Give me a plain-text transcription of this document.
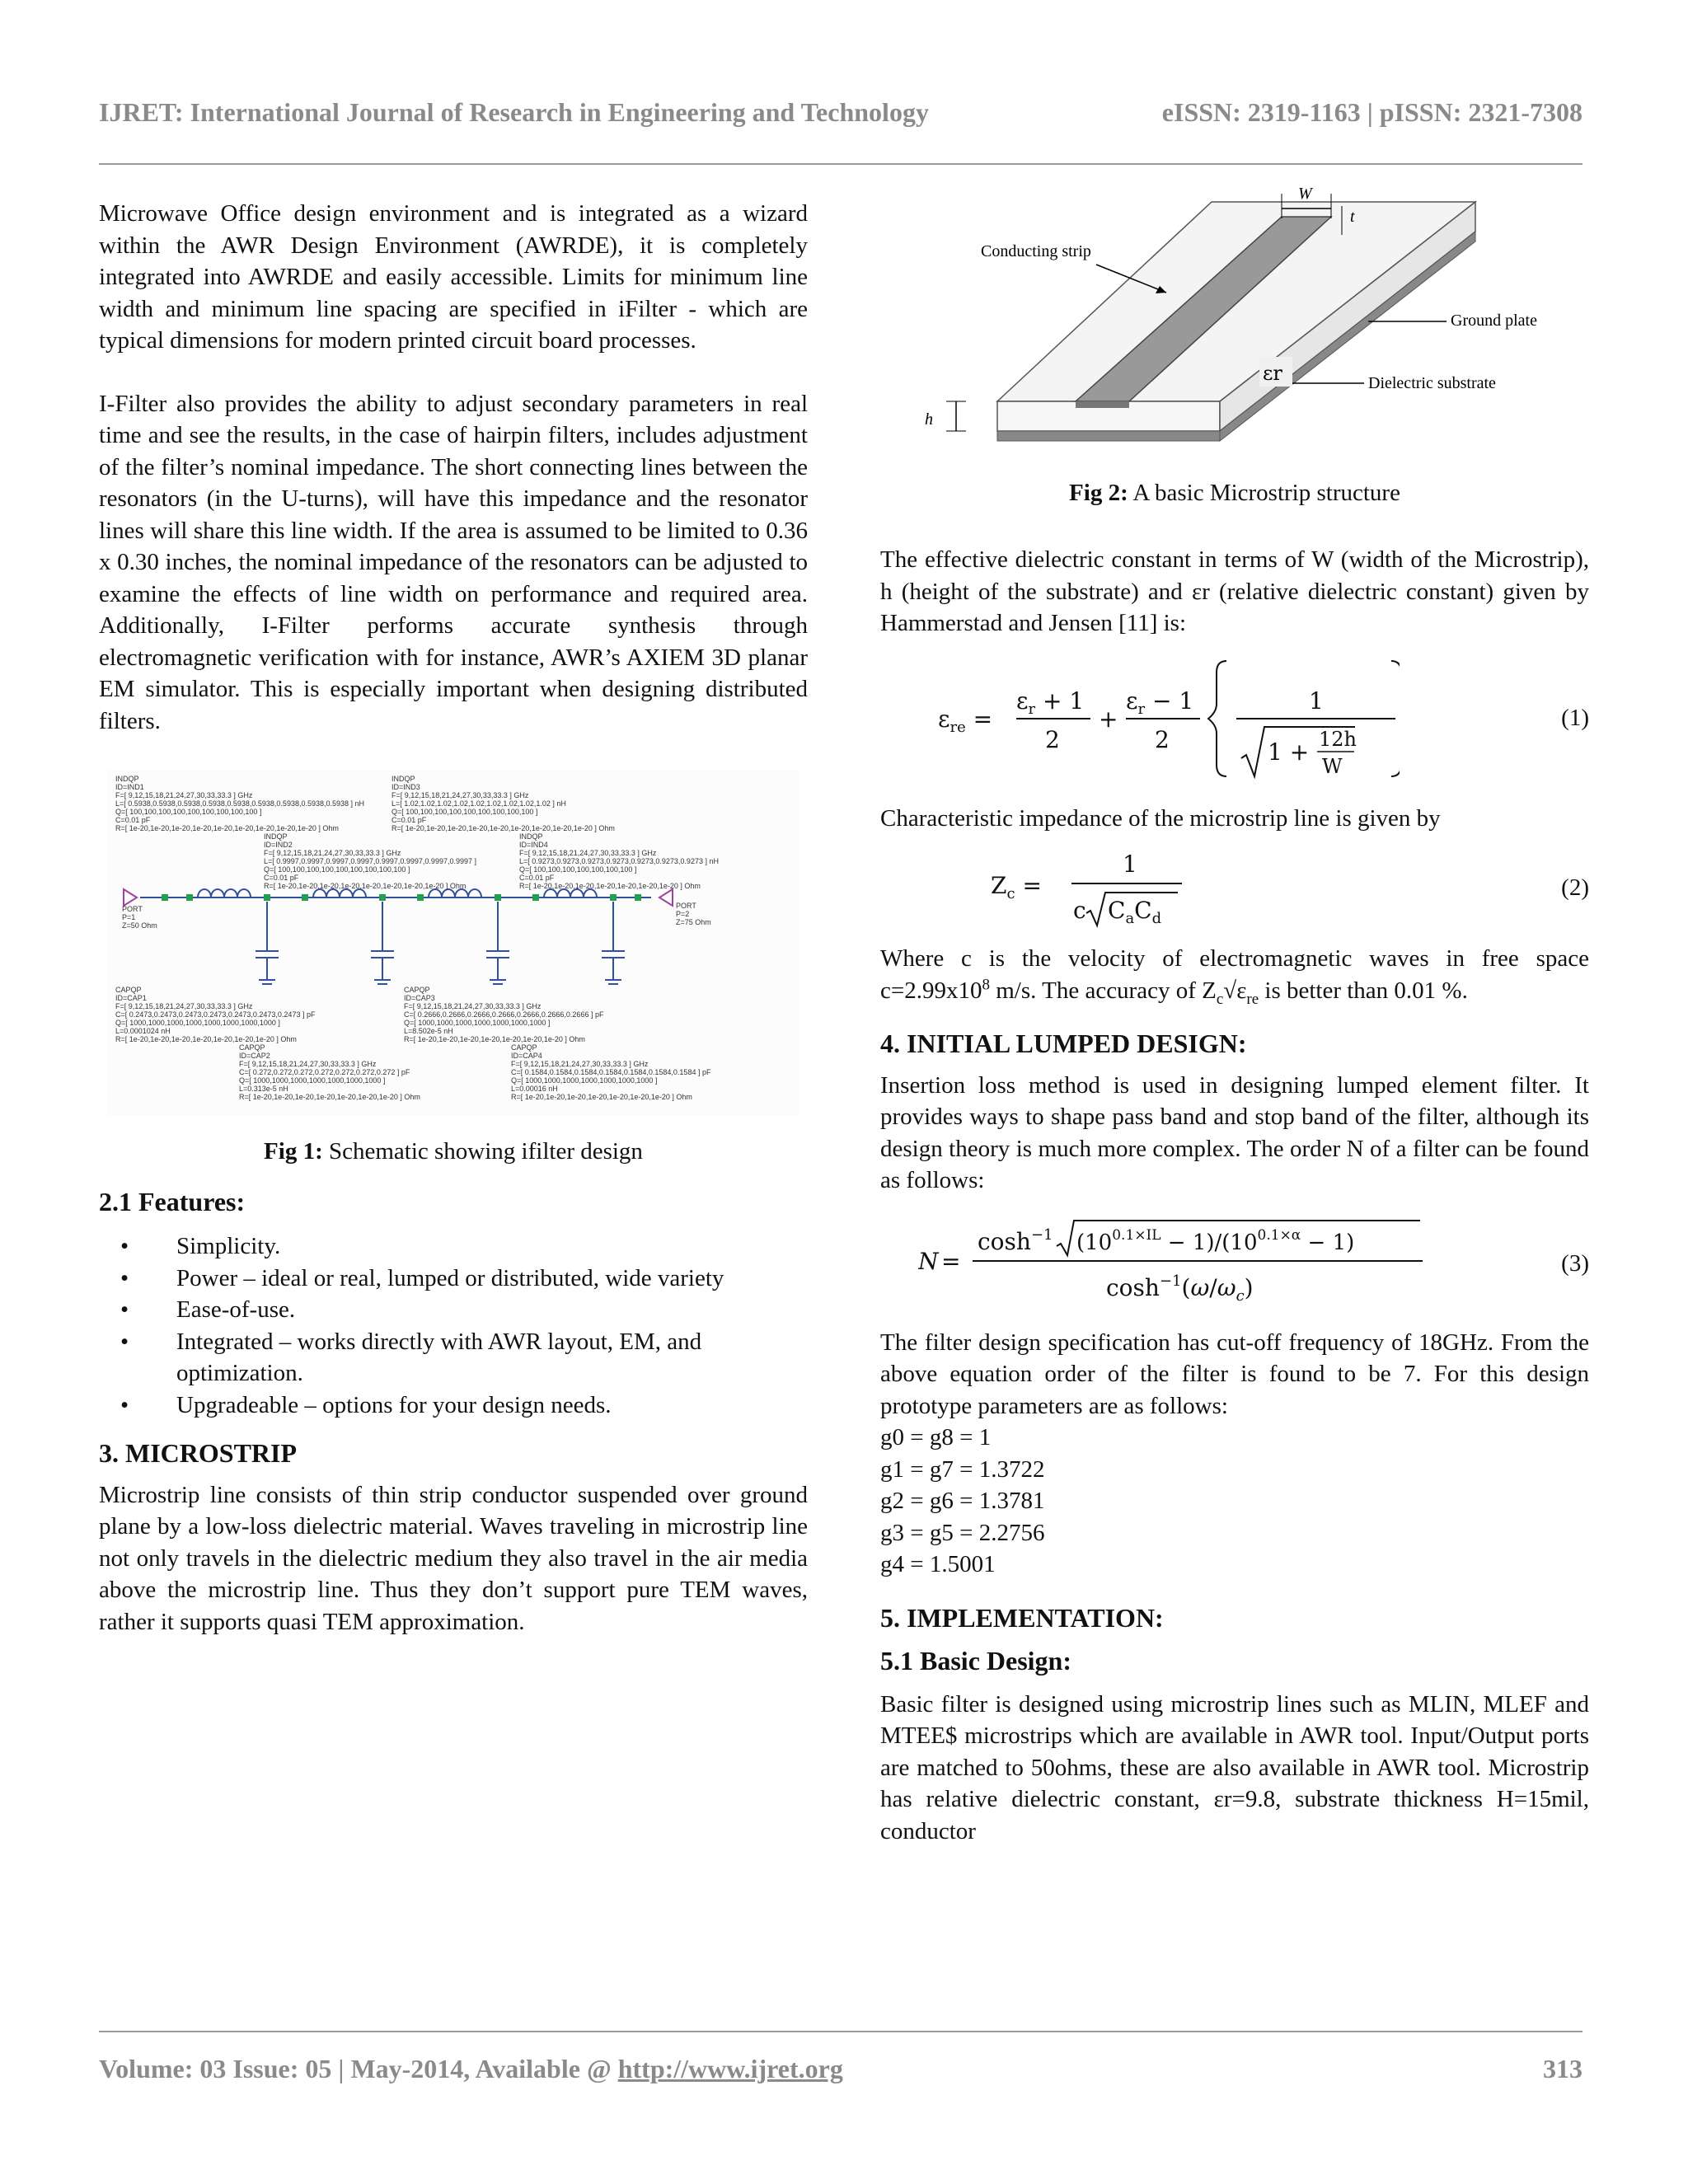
IJRET: International Journal of Research in Engineering and Technology	eISSN: 2319-1163 | pISSN: 2321-7308

Microwave Office design environment and is integrated as a wizard within the AWR Design Environment (AWRDE), it is completely integrated into AWRDE and easily accessible. Limits for minimum line width and minimum line spacing are specified in iFilter - which are typical dimensions for modern printed circuit board processes.

I-Filter also provides the ability to adjust secondary parameters in real time and see the results, in the case of hairpin filters, includes adjustment of the filter’s nominal impedance. The short connecting lines between the resonators (in the U-turns), will have this impedance and the resonator lines will share this line width. If the area is assumed to be limited to 0.36 x 0.30 inches, the nominal impedance of the resonators can be adjusted to examine the effects of line width on performance and required area. Additionally, I-Filter performs accurate synthesis through electromagnetic verification with for instance, AWR’s AXIEM 3D planar EM simulator. This is especially important when designing distributed filters.

INDQP ID=IND1 F=[ 9,12,15,18,21,24,27,30,33,33.3 ] GHz L=[ 0.5938,0.5938,0.5938,0.5938,0.5938,0.5938,0.5938,0.5938,0.5938 ] nH Q=[ 100,100,100,100,100,100,100,100,100 ] C=0.01 pF R=[ 1e-20,1e-20,1e-20,1e-20,1e-20,1e-20,1e-20,1e-20,1e-20 ] Ohm
INDQP ID=IND3 F=[ 9,12,15,18,21,24,27,30,33,33.3 ] GHz L=[ 1.02,1.02,1.02,1.02,1.02,1.02,1.02,1.02,1.02 ] nH Q=[ 100,100,100,100,100,100,100,100,100 ] C=0.01 pF R=[ 1e-20,1e-20,1e-20,1e-20,1e-20,1e-20,1e-20,1e-20,1e-20 ] Ohm
INDQP ID=IND2 F=[ 9,12,15,18,21,24,27,30,33,33.3 ] GHz L=[ 0.9997,0.9997,0.9997,0.9997,0.9997,0.9997,0.9997,0.9997 ] Q=[ 100,100,100,100,100,100,100,100,100 ] C=0.01 pF R=[ 1e-20,1e-20,1e-20,1e-20,1e-20,1e-20,1e-20,1e-20 ] Ohm
INDQP ID=IND4 F=[ 9,12,15,18,21,24,27,30,33,33.3 ] GHz L=[ 0.9273,0.9273,0.9273,0.9273,0.9273,0.9273,0.9273 ] nH Q=[ 100,100,100,100,100,100,100 ] C=0.01 pF R=[ 1e-20,1e-20,1e-20,1e-20,1e-20,1e-20,1e-20 ] Ohm
PORT P=1 Z=50 Ohm
PORT P=2 Z=75 Ohm
CAPQP ID=CAP1 F=[ 9,12,15,18,21,24,27,30,33,33.3 ] GHz C=[ 0.2473,0.2473,0.2473,0.2473,0.2473,0.2473,0.2473 ] pF Q=[ 1000,1000,1000,1000,1000,1000,1000,1000 ] L=0.0001024 nH R=[ 1e-20,1e-20,1e-20,1e-20,1e-20,1e-20,1e-20 ] Ohm
CAPQP ID=CAP3 F=[ 9,12,15,18,21,24,27,30,33,33.3 ] GHz C=[ 0.2666,0.2666,0.2666,0.2666,0.2666,0.2666,0.2666 ] pF Q=[ 1000,1000,1000,1000,1000,1000,1000 ] L=8.502e-5 nH R=[ 1e-20,1e-20,1e-20,1e-20,1e-20,1e-20,1e-20 ] Ohm
CAPQP ID=CAP2 F=[ 9,12,15,18,21,24,27,30,33,33.3 ] GHz C=[ 0.272,0.272,0.272,0.272,0.272,0.272,0.272 ] pF Q=[ 1000,1000,1000,1000,1000,1000,1000 ] L=0.313e-5 nH R=[ 1e-20,1e-20,1e-20,1e-20,1e-20,1e-20,1e-20 ] Ohm
CAPQP ID=CAP4 F=[ 9,12,15,18,21,24,27,30,33,33.3 ] GHz C=[ 0.1584,0.1584,0.1584,0.1584,0.1584,0.1584,0.1584 ] pF Q=[ 1000,1000,1000,1000,1000,1000,1000 ] L=0.00016 nH R=[ 1e-20,1e-20,1e-20,1e-20,1e-20,1e-20,1e-20 ] Ohm

Fig 1: Schematic showing ifilter design

2.1 Features:
• Simplicity.
• Power – ideal or real, lumped or distributed, wide variety
• Ease-of-use.
• Integrated – works directly with AWR layout, EM, and optimization.
• Upgradeable – options for your design needs.
3. MICROSTRIP

Microstrip line consists of thin strip conductor suspended over ground plane by a low-loss dielectric material. Waves traveling in microstrip line not only travels in the dielectric medium they also travel in the air media above the microstrip line. Thus they don’t support pure TEM waves, rather it supports quasi TEM approximation.

W
t
Conducting strip
Ground plate
Dielectric substrate
εr
h

Fig 2: A basic Microstrip structure

The effective dielectric constant in terms of W (width of the Microstrip), h (height of the substrate) and εr (relative dielectric constant) given by Hammerstad and Jensen [11] is:

$\varepsilon_{re}$ =
$\varepsilon_r + 1$
2
+
$\varepsilon_r - 1$
2
1
1 + 12h
W
(1)

Characteristic impedance of the microstrip line is given by

$Z_c$ =
1
c $C_aC_d$
(2)

Where c is the velocity of electromagnetic waves in free space $c=2.99x10^8$ m/s. The accuracy of $Z_c√\varepsilon_{re}$ is better than 0.01 %.

4. INITIAL LUMPED DESIGN:

Insertion loss method is used in designing lumped element filter. It provides ways to shape pass band and stop band of the filter, although its design theory is much more complex. The order N of a filter can be found as follows:

N =
$\cosh^{-1} (10^{0.1\times IL} - 1)/(10^{0.1\times\alpha} - 1)$
$\cosh^{-1}(\omega/\omega_c)$
(3)

The filter design specification has cut-off frequency of 18GHz. From the above equation order of the filter is found to be 7. For this design prototype parameters are as follows:

g0 = g8 = 1
g1 = g7 = 1.3722
g2 = g6 = 1.3781
g3 = g5 = 2.2756
g4 = 1.5001
5. IMPLEMENTATION:
5.1 Basic Design:

Basic filter is designed using microstrip lines such as MLIN, MLEF and MTEE$ microstrips which are available in AWR tool. Input/Output ports are matched to 50ohms, these are also available in AWR tool. Microstrip has relative dielectric constant, εr=9.8, substrate thickness H=15mil, conductor

Volume: 03 Issue: 05 | May-2014, Available @ http://www.ijret.org	313
